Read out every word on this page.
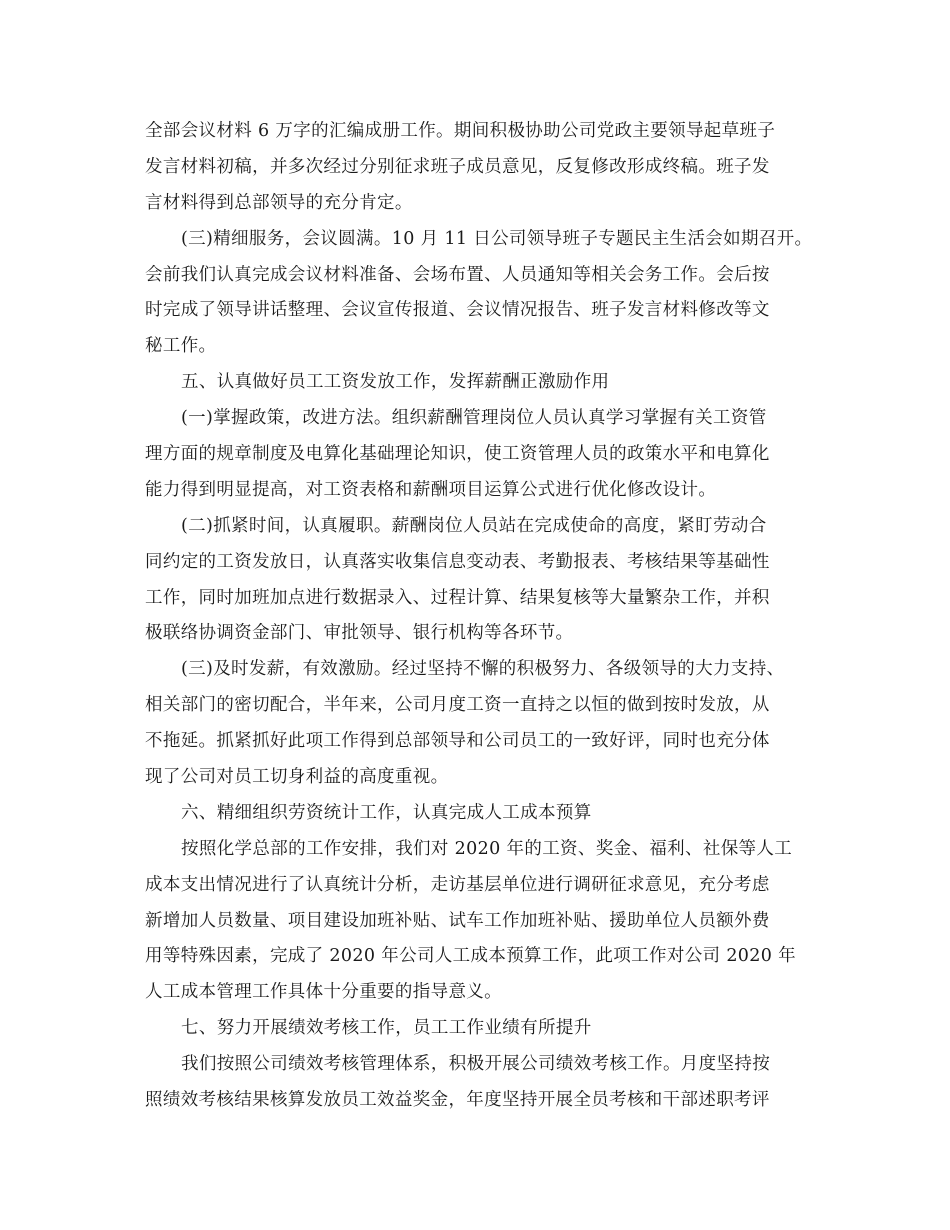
全部会议材料 6 万字的汇编成册工作。期间积极协助公司党政主要领导起草班子
发言材料初稿，并多次经过分别征求班子成员意见，反复修改形成终稿。班子发
言材料得到总部领导的充分肯定。
(三)精细服务，会议圆满。10 月 11 日公司领导班子专题民主生活会如期召开。
会前我们认真完成会议材料准备、会场布置、人员通知等相关会务工作。会后按
时完成了领导讲话整理、会议宣传报道、会议情况报告、班子发言材料修改等文
秘工作。
五、认真做好员工工资发放工作，发挥薪酬正激励作用
(一)掌握政策，改进方法。组织薪酬管理岗位人员认真学习掌握有关工资管
理方面的规章制度及电算化基础理论知识，使工资管理人员的政策水平和电算化
能力得到明显提高，对工资表格和薪酬项目运算公式进行优化修改设计。
(二)抓紧时间，认真履职。薪酬岗位人员站在完成使命的高度，紧盯劳动合
同约定的工资发放日，认真落实收集信息变动表、考勤报表、考核结果等基础性
工作，同时加班加点进行数据录入、过程计算、结果复核等大量繁杂工作，并积
极联络协调资金部门、审批领导、银行机构等各环节。
(三)及时发薪，有效激励。经过坚持不懈的积极努力、各级领导的大力支持、
相关部门的密切配合，半年来，公司月度工资一直持之以恒的做到按时发放，从
不拖延。抓紧抓好此项工作得到总部领导和公司员工的一致好评，同时也充分体
现了公司对员工切身利益的高度重视。
六、精细组织劳资统计工作，认真完成人工成本预算
按照化学总部的工作安排，我们对 2020 年的工资、奖金、福利、社保等人工
成本支出情况进行了认真统计分析，走访基层单位进行调研征求意见，充分考虑
新增加人员数量、项目建设加班补贴、试车工作加班补贴、援助单位人员额外费
用等特殊因素，完成了 2020 年公司人工成本预算工作，此项工作对公司 2020 年
人工成本管理工作具体十分重要的指导意义。
七、努力开展绩效考核工作，员工工作业绩有所提升
我们按照公司绩效考核管理体系，积极开展公司绩效考核工作。月度坚持按
照绩效考核结果核算发放员工效益奖金，年度坚持开展全员考核和干部述职考评
